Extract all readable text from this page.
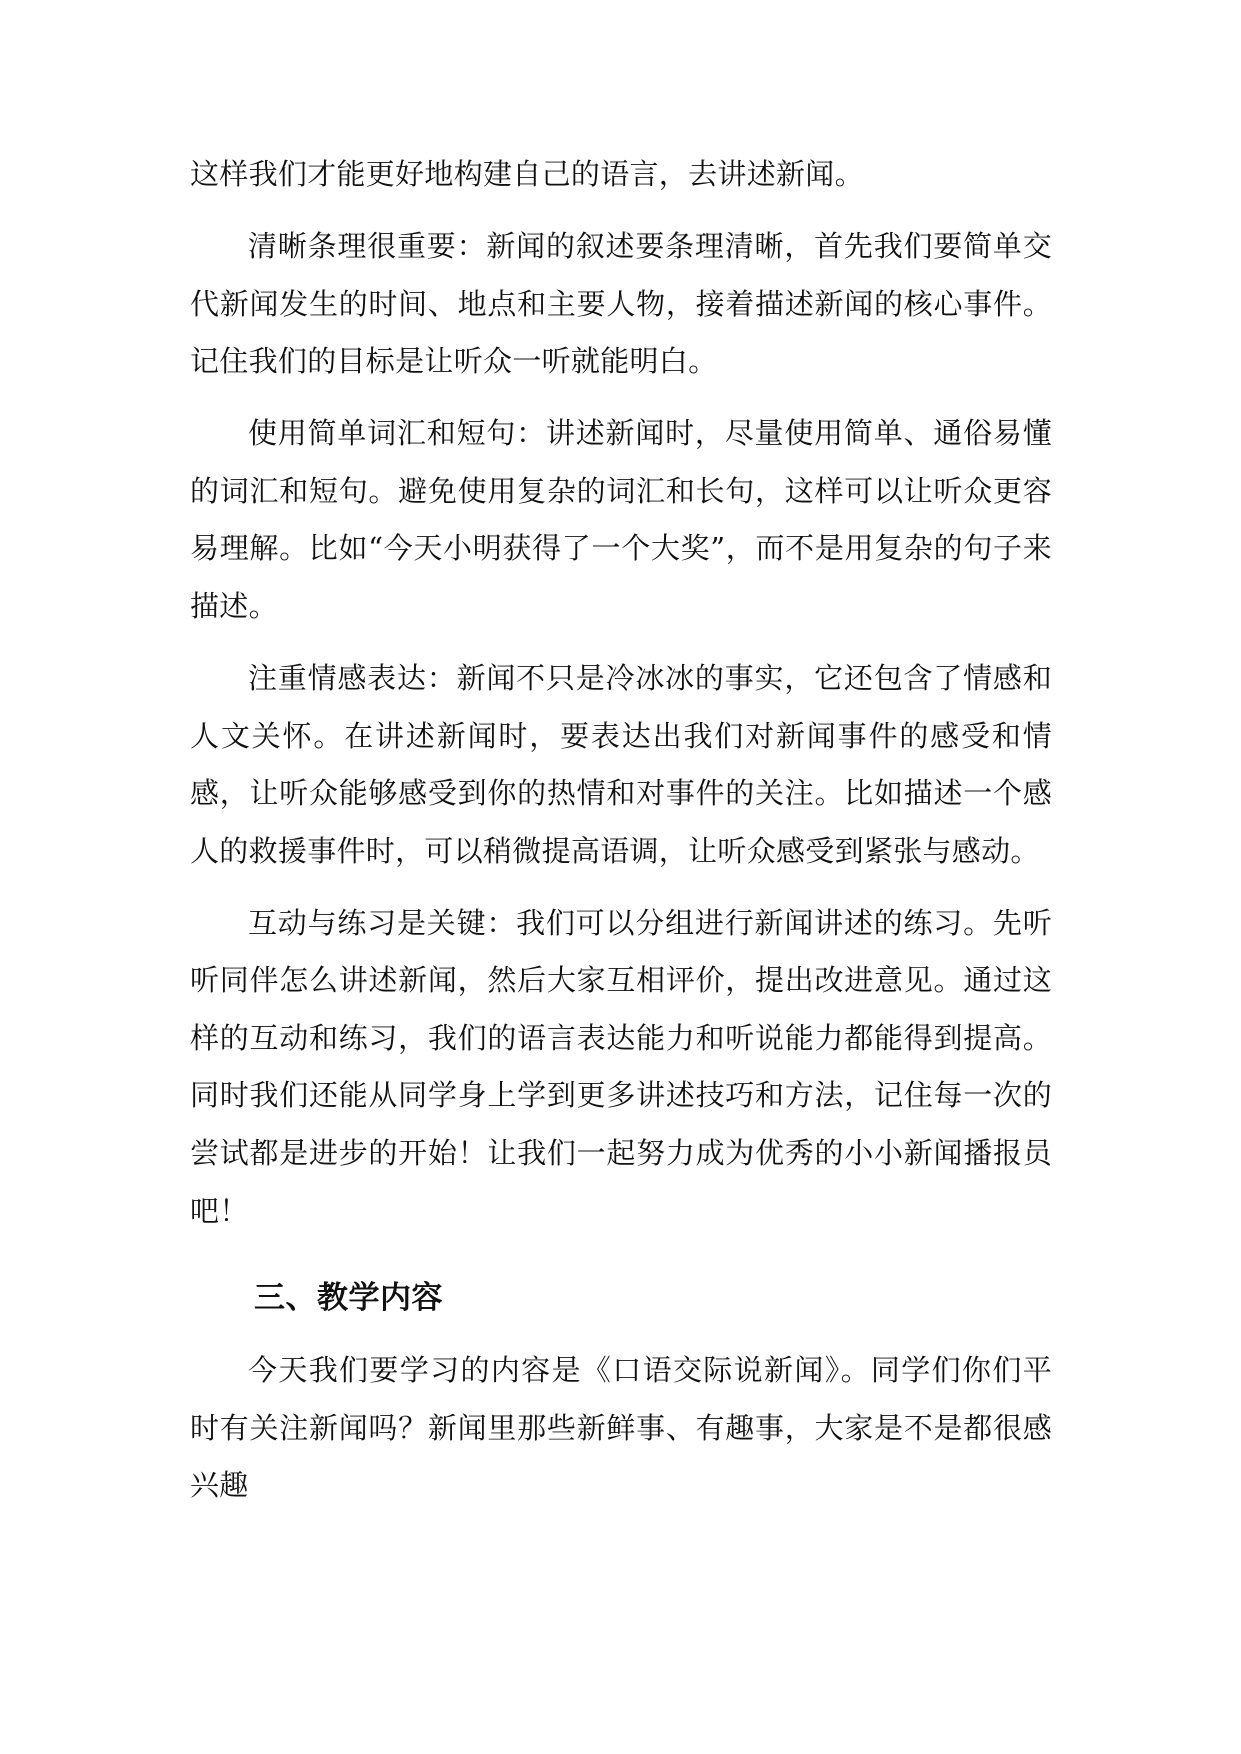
这样我们才能更好地构建自己的语言，去讲述新闻。

清晰条理很重要：新闻的叙述要条理清晰，首先我们要简单交代新闻发生的时间、地点和主要人物，接着描述新闻的核心事件。记住我们的目标是让听众一听就能明白。

使用简单词汇和短句：讲述新闻时，尽量使用简单、通俗易懂的词汇和短句。避免使用复杂的词汇和长句，这样可以让听众更容易理解。比如“今天小明获得了一个大奖”，而不是用复杂的句子来描述。

注重情感表达：新闻不只是冷冰冰的事实，它还包含了情感和人文关怀。在讲述新闻时，要表达出我们对新闻事件的感受和情感，让听众能够感受到你的热情和对事件的关注。比如描述一个感人的救援事件时，可以稍微提高语调，让听众感受到紧张与感动。

互动与练习是关键：我们可以分组进行新闻讲述的练习。先听听同伴怎么讲述新闻，然后大家互相评价，提出改进意见。通过这样的互动和练习，我们的语言表达能力和听说能力都能得到提高。同时我们还能从同学身上学到更多讲述技巧和方法，记住每一次的尝试都是进步的开始！让我们一起努力成为优秀的小小新闻播报员吧！

三、教学内容

今天我们要学习的内容是《口语交际说新闻》。同学们你们平时有关注新闻吗？新闻里那些新鲜事、有趣事，大家是不是都很感兴趣
